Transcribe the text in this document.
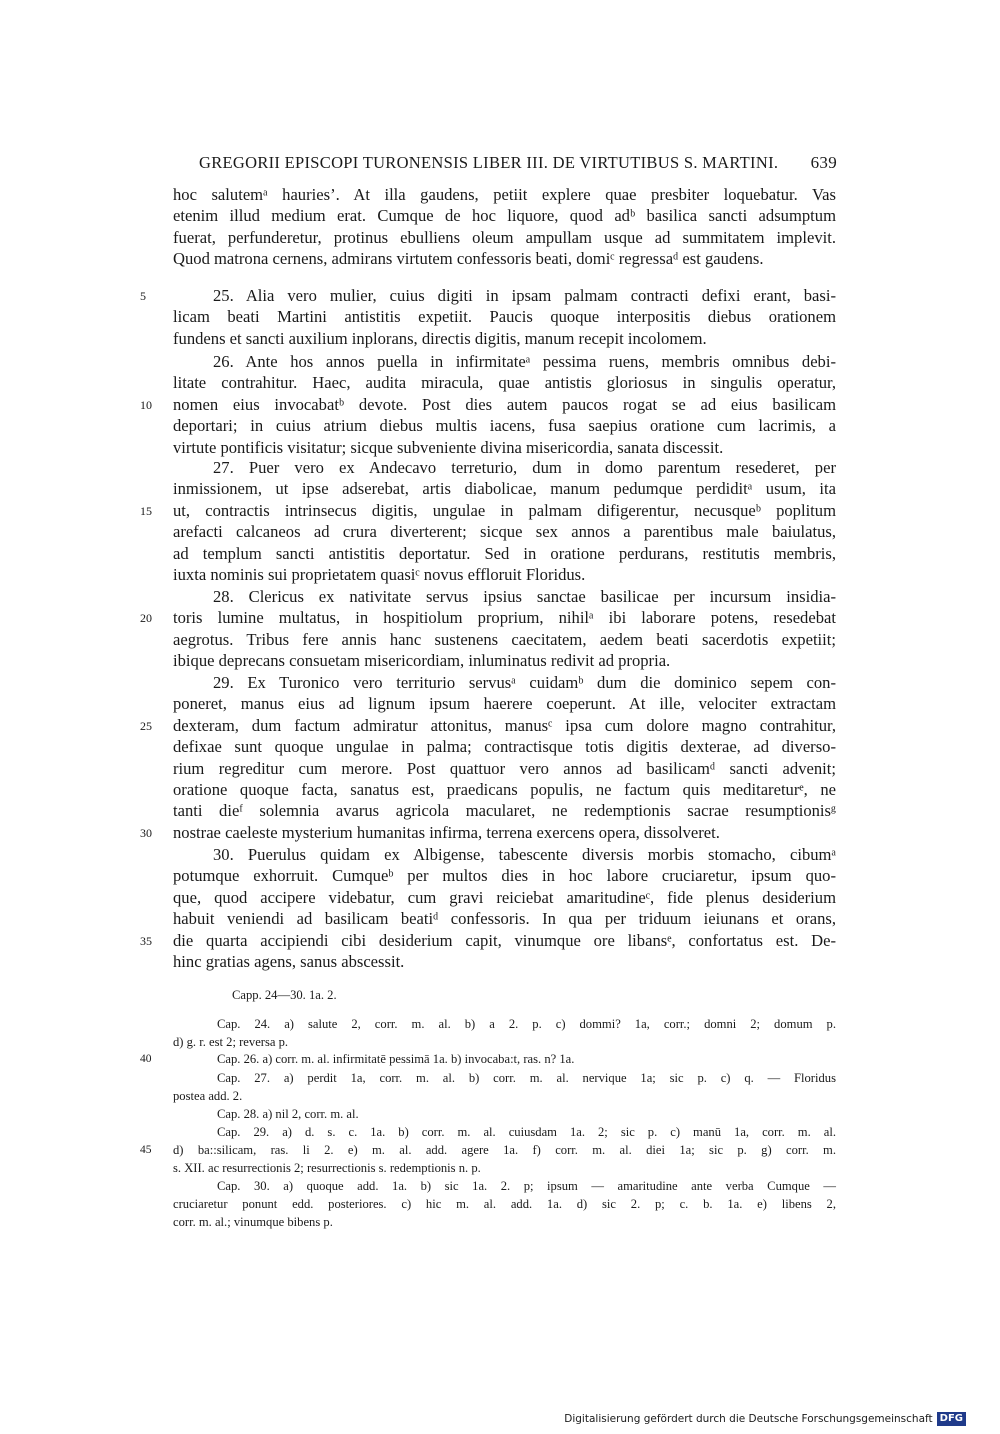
GREGORII EPISCOPI TURONENSIS LIBER III. DE VIRTUTIBUS S. MARTINI. 639
hoc salutemᵃ hauries’. At illa gaudens, petiit explere quae presbiter loquebatur. Vas
etenim illud medium erat. Cumque de hoc liquore, quod adᵇ basilica sancti adsumptum
fuerat, perfunderetur, protinus ebulliens oleum ampullam usque ad summitatem implevit.
Quod matrona cernens, admirans virtutem confessoris beati, domiᶜ regressaᵈ est gaudens.
25. Alia vero mulier, cuius digiti in ipsam palmam contracti defixi erant, basi-
5
licam beati Martini antistitis expetiit. Paucis quoque interpositis diebus orationem
fundens et sancti auxilium inplorans, directis digitis, manum recepit incolomem.
26. Ante hos annos puella in infirmitateᵃ pessima ruens, membris omnibus debi-
litate contrahitur. Haec, audita miracula, quae antistis gloriosus in singulis operatur,
nomen eius invocabatᵇ devote. Post dies autem paucos rogat se ad eius basilicam
10
deportari; in cuius atrium diebus multis iacens, fusa saepius oratione cum lacrimis, a
virtute pontificis visitatur; sicque subveniente divina misericordia, sanata discessit.
27. Puer vero ex Andecavo terreturio, dum in domo parentum resederet, per
inmissionem, ut ipse adserebat, artis diabolicae, manum pedumque perdiditᵃ usum, ita
ut, contractis intrinsecus digitis, ungulae in palmam difigerentur, necusqueᵇ poplitum
15
arefacti calcaneos ad crura diverterent; sicque sex annos a parentibus male baiulatus,
ad templum sancti antistitis deportatur. Sed in oratione perdurans, restitutis membris,
iuxta nominis sui proprietatem quasiᶜ novus effloruit Floridus.
28. Clericus ex nativitate servus ipsius sanctae basilicae per incursum insidia-
toris lumine multatus, in hospitiolum proprium, nihilᵃ ibi laborare potens, resedebat
20
aegrotus. Tribus fere annis hanc sustenens caecitatem, aedem beati sacerdotis expetiit;
ibique deprecans consuetam misericordiam, inluminatus redivit ad propria.
29. Ex Turonico vero territurio servusᵃ cuidamᵇ dum die dominico sepem con-
poneret, manus eius ad lignum ipsum haerere coeperunt. At ille, velociter extractam
dexteram, dum factum admiratur attonitus, manusᶜ ipsa cum dolore magno contrahitur,
25
defixae sunt quoque ungulae in palma; contractisque totis digitis dexterae, ad diverso-
rium regreditur cum merore. Post quattuor vero annos ad basilicamᵈ sancti advenit;
oratione quoque facta, sanatus est, praedicans populis, ne factum quis meditareturᵉ, ne
tanti dieᶠ solemnia avarus agricola macularet, ne redemptionis sacrae resumptionisᵍ
nostrae caeleste mysterium humanitas infirma, terrena exercens opera, dissolveret.
30
30. Puerulus quidam ex Albigense, tabescente diversis morbis stomacho, cibumᵃ
potumque exhorruit. Cumqueᵇ per multos dies in hoc labore cruciaretur, ipsum quo-
que, quod accipere videbatur, cum gravi reiciebat amaritudineᶜ, fide plenus desiderium
habuit veniendi ad basilicam beatiᵈ confessoris. In qua per triduum ieiunans et orans,
die quarta accipiendi cibi desiderium capit, vinumque ore libansᵉ, confortatus est. De-
35
hinc gratias agens, sanus abscessit.
Capp. 24—30. 1a. 2.
Cap. 24. a) salute 2, corr. m. al. b) a 2. p. c) dommi? 1a, corr.; domni 2; domum p.
d) g. r. est 2; reversa p.
Cap. 26. a) corr. m. al. infirmitatē pessimā 1a. b) invocaba:t, ras. n? 1a.
40
Cap. 27. a) perdit 1a, corr. m. al. b) corr. m. al. nervique 1a; sic p. c) q. — Floridus
postea add. 2.
Cap. 28. a) nil 2, corr. m. al.
Cap. 29. a) d. s. c. 1a. b) corr. m. al. cuiusdam 1a. 2; sic p. c) manū 1a, corr. m. al.
d) ba::silicam, ras. li 2. e) m. al. add. agere 1a. f) corr. m. al. diei 1a; sic p. g) corr. m.
45
s. XII. ac resurrectionis 2; resurrectionis s. redemptionis n. p.
Cap. 30. a) quoque add. 1a. b) sic 1a. 2. p; ipsum — amaritudine ante verba Cumque —
cruciaretur ponunt edd. posteriores. c) hic m. al. add. 1a. d) sic 2. p; c. b. 1a. e) libens 2,
corr. m. al.; vinumque bibens p.
Digitalisierung gefördert durch die Deutsche Forschungsgemeinschaft DFG
